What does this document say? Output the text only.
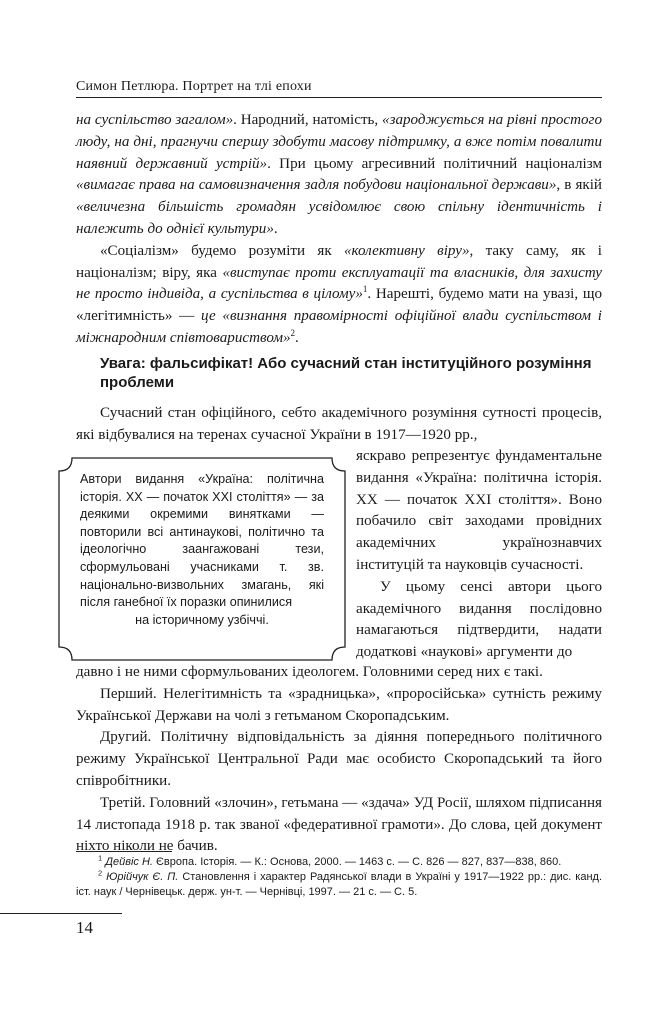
Симон Петлюра. Портрет на тлі епохи

на суспільство загалом». Народний, натомість, «зароджується на рівні простого люду, на дні, прагнучи спершу здобути масову підтримку, а вже потім повалити наявний державний устрій». При цьому агресивний політичний націоналізм «вимагає права на самовизначення задля побудови національної держави», в якій «величезна більшість громадян усвідомлює свою спільну ідентичність і належить до однієї культури».

«Соціалізм» будемо розуміти як «колективну віру», таку саму, як і націоналізм; віру, яка «виступає проти експлуатації та власників, для захисту не просто індивіда, а суспільства в цілому»$^1$. Нарешті, будемо мати на увазі, що «легітимність» — це «визнання правомірності офіційної влади суспільством і міжнародним співтовариством»$^2$.

Увага: фальсифікат! Або сучасний стан інституційного розуміння проблеми

Сучасний стан офіційного, себто академічного розуміння сутності процесів, які відбувалися на теренах сучасної України в 1917—1920 рр.,

Автори видання «Україна: політична історія. XX — початок XXI століття» — за деякими окремими винятками — повторили всі антинаукові, політично та ідеологічно заангажовані тези, сформульовані учасниками т. зв. національно-визвольних змагань, які після ганебної їх поразки опинилися
на історичному узбіччі.

яскраво репрезентує фундаментальне видання «Україна: політична історія. XX — початок XXI століття». Воно побачило світ заходами провідних академічних українознавчих інституцій та науковців сучасності.

У цьому сенсі автори цього академічного видання послідовно намагаються підтвердити, надати додаткові «наукові» аргументи до

давно і не ними сформульованих ідеологем. Головними серед них є такі.

Перший. Нелегітимність та «зрадницька», «проросійська» сутність режиму Української Держави на чолі з гетьманом Скоропадським.

Другий. Політичну відповідальність за діяння попереднього політичного режиму Української Центральної Ради має особисто Скоропадський та його співробітники.

Третій. Головний «злочин», гетьмана — «здача» УД Росії, шляхом підписання 14 листопада 1918 р. так званої «федеративної грамоти». До слова, цей документ ніхто ніколи не бачив.

$^1$ Дейвіс Н. Європа. Історія. — К.: Основа, 2000. — 1463 с. — С. 826 — 827, 837—838, 860.

$^2$ Юрійчук Є. П. Становлення і характер Радянської влади в Україні у 1917—1922 рр.: дис. канд. іст. наук / Чернівецьк. держ. ун-т. — Чернівці, 1997. — 21 с. — С. 5.

14
